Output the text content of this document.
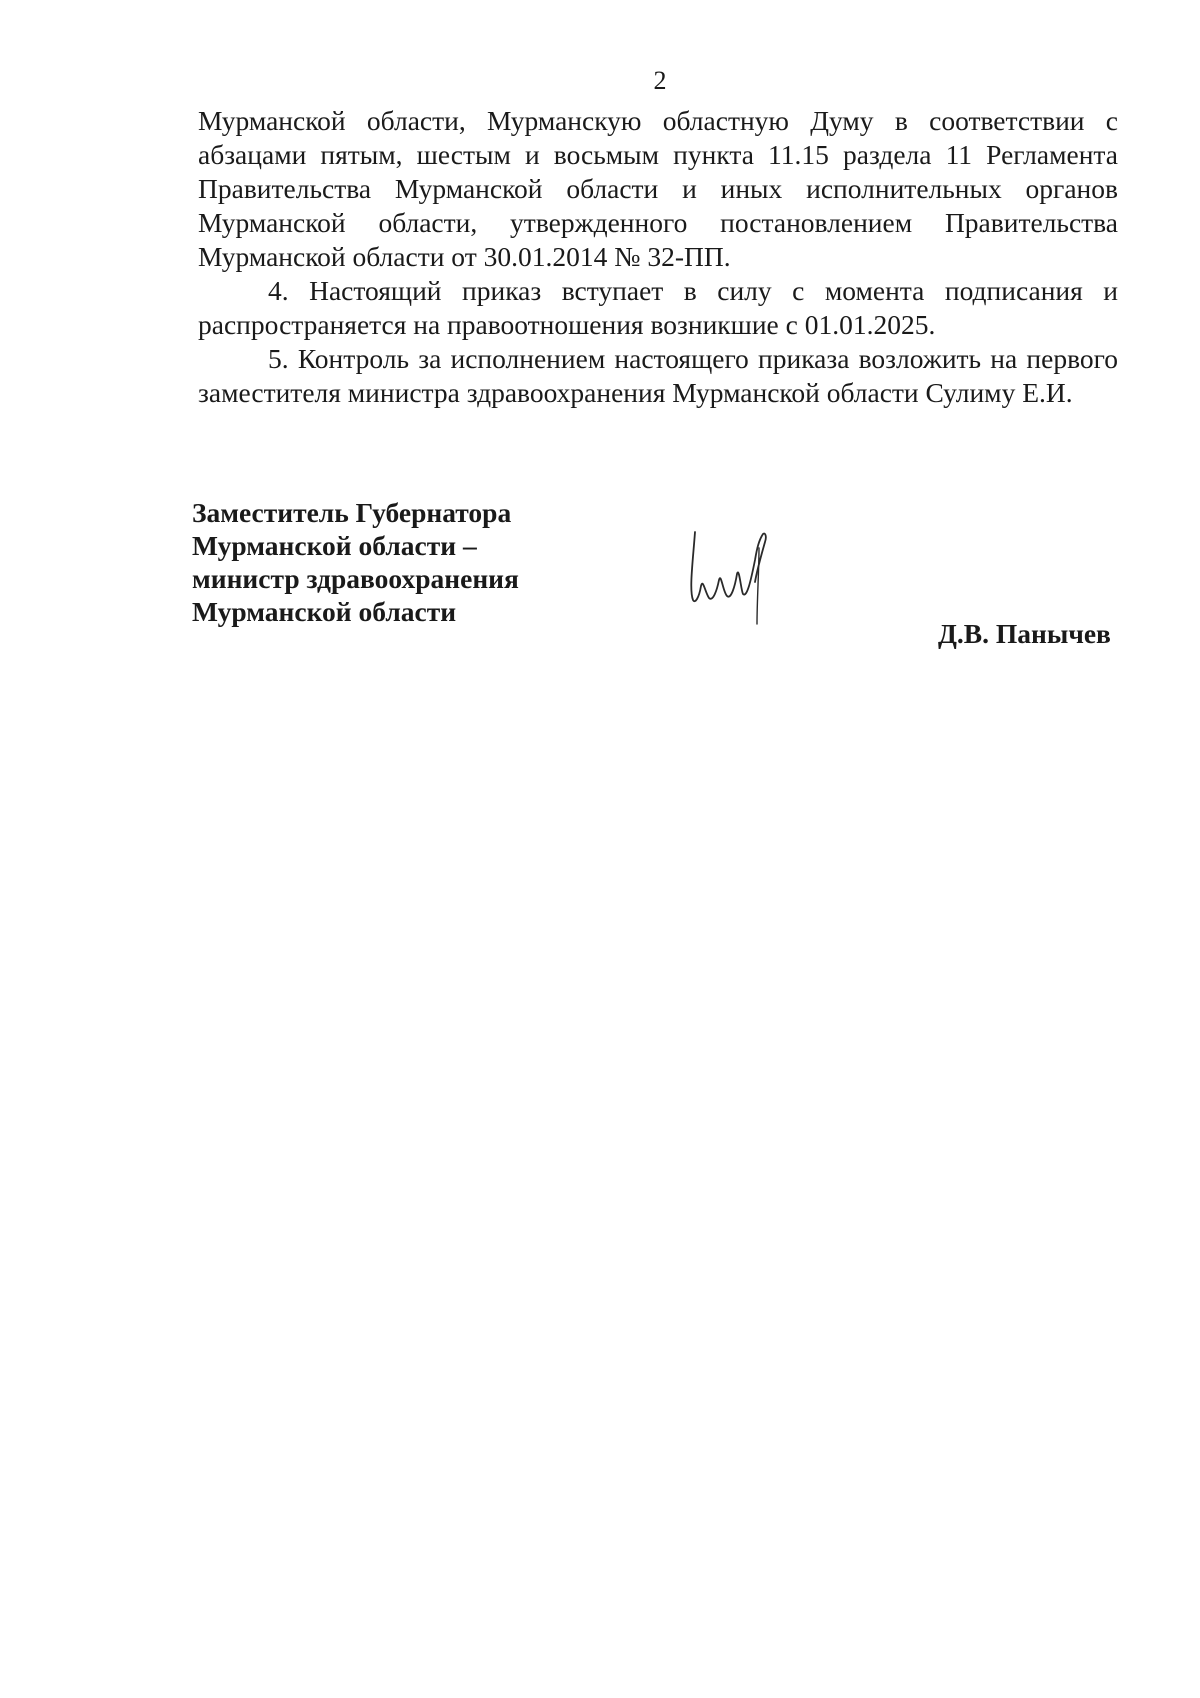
2

Мурманской области, Мурманскую областную Думу в соответствии с абзацами пятым, шестым и восьмым пункта 11.15 раздела 11 Регламента Правительства Мурманской области и иных исполнительных органов Мурманской области, утвержденного постановлением Правительства Мурманской области от 30.01.2014 № 32-ПП.

4. Настоящий приказ вступает в силу с момента подписания и распространяется на правоотношения возникшие с 01.01.2025.

5. Контроль за исполнением настоящего приказа возложить на первого заместителя министра здравоохранения Мурманской области Сулиму Е.И.

Заместитель Губернатора
Мурманской области –
министр здравоохранения
Мурманской области
Д.В. Панычев
